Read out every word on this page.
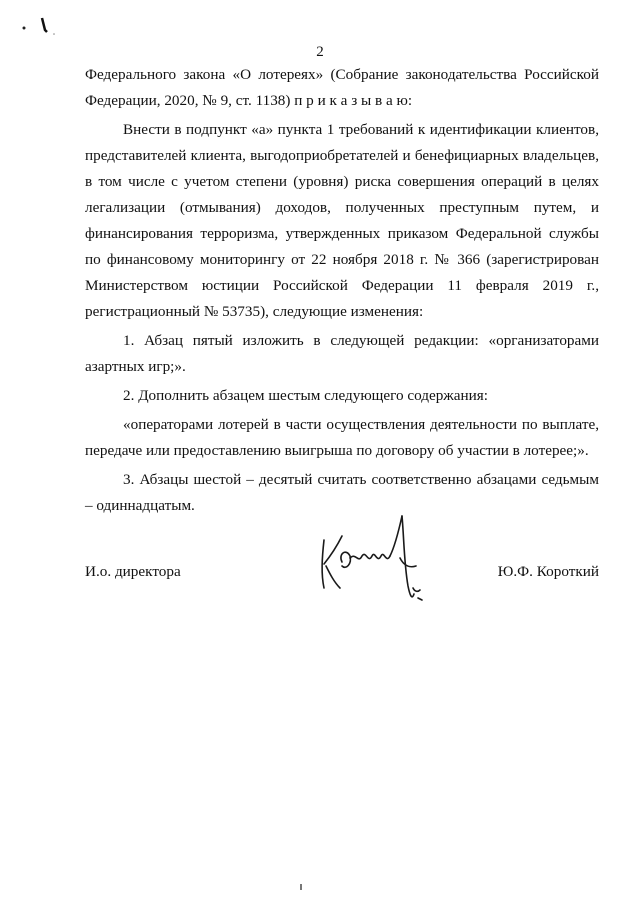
2

Федерального закона «О лотереях» (Собрание законодательства Российской Федерации, 2020, № 9, ст. 1138) п р и к а з ы в а ю:

Внести в подпункт «а» пункта 1 требований к идентификации клиентов, представителей клиента, выгодоприобретателей и бенефициарных владельцев, в том числе с учетом степени (уровня) риска совершения операций в целях легализации (отмывания) доходов, полученных преступным путем, и финансирования терроризма, утвержденных приказом Федеральной службы по финансовому мониторингу от 22 ноября 2018 г. № 366 (зарегистрирован Министерством юстиции Российской Федерации 11 февраля 2019 г., регистрационный № 53735), следующие изменения:

1. Абзац пятый изложить в следующей редакции: «организаторами азартных игр;».

2. Дополнить абзацем шестым следующего содержания:

«операторами лотерей в части осуществления деятельности по выплате, передаче или предоставлению выигрыша по договору об участии в лотерее;».

3. Абзацы шестой – десятый считать соответственно абзацами седьмым – одиннадцатым.

И.о. директора	Ю.Ф. Короткий
